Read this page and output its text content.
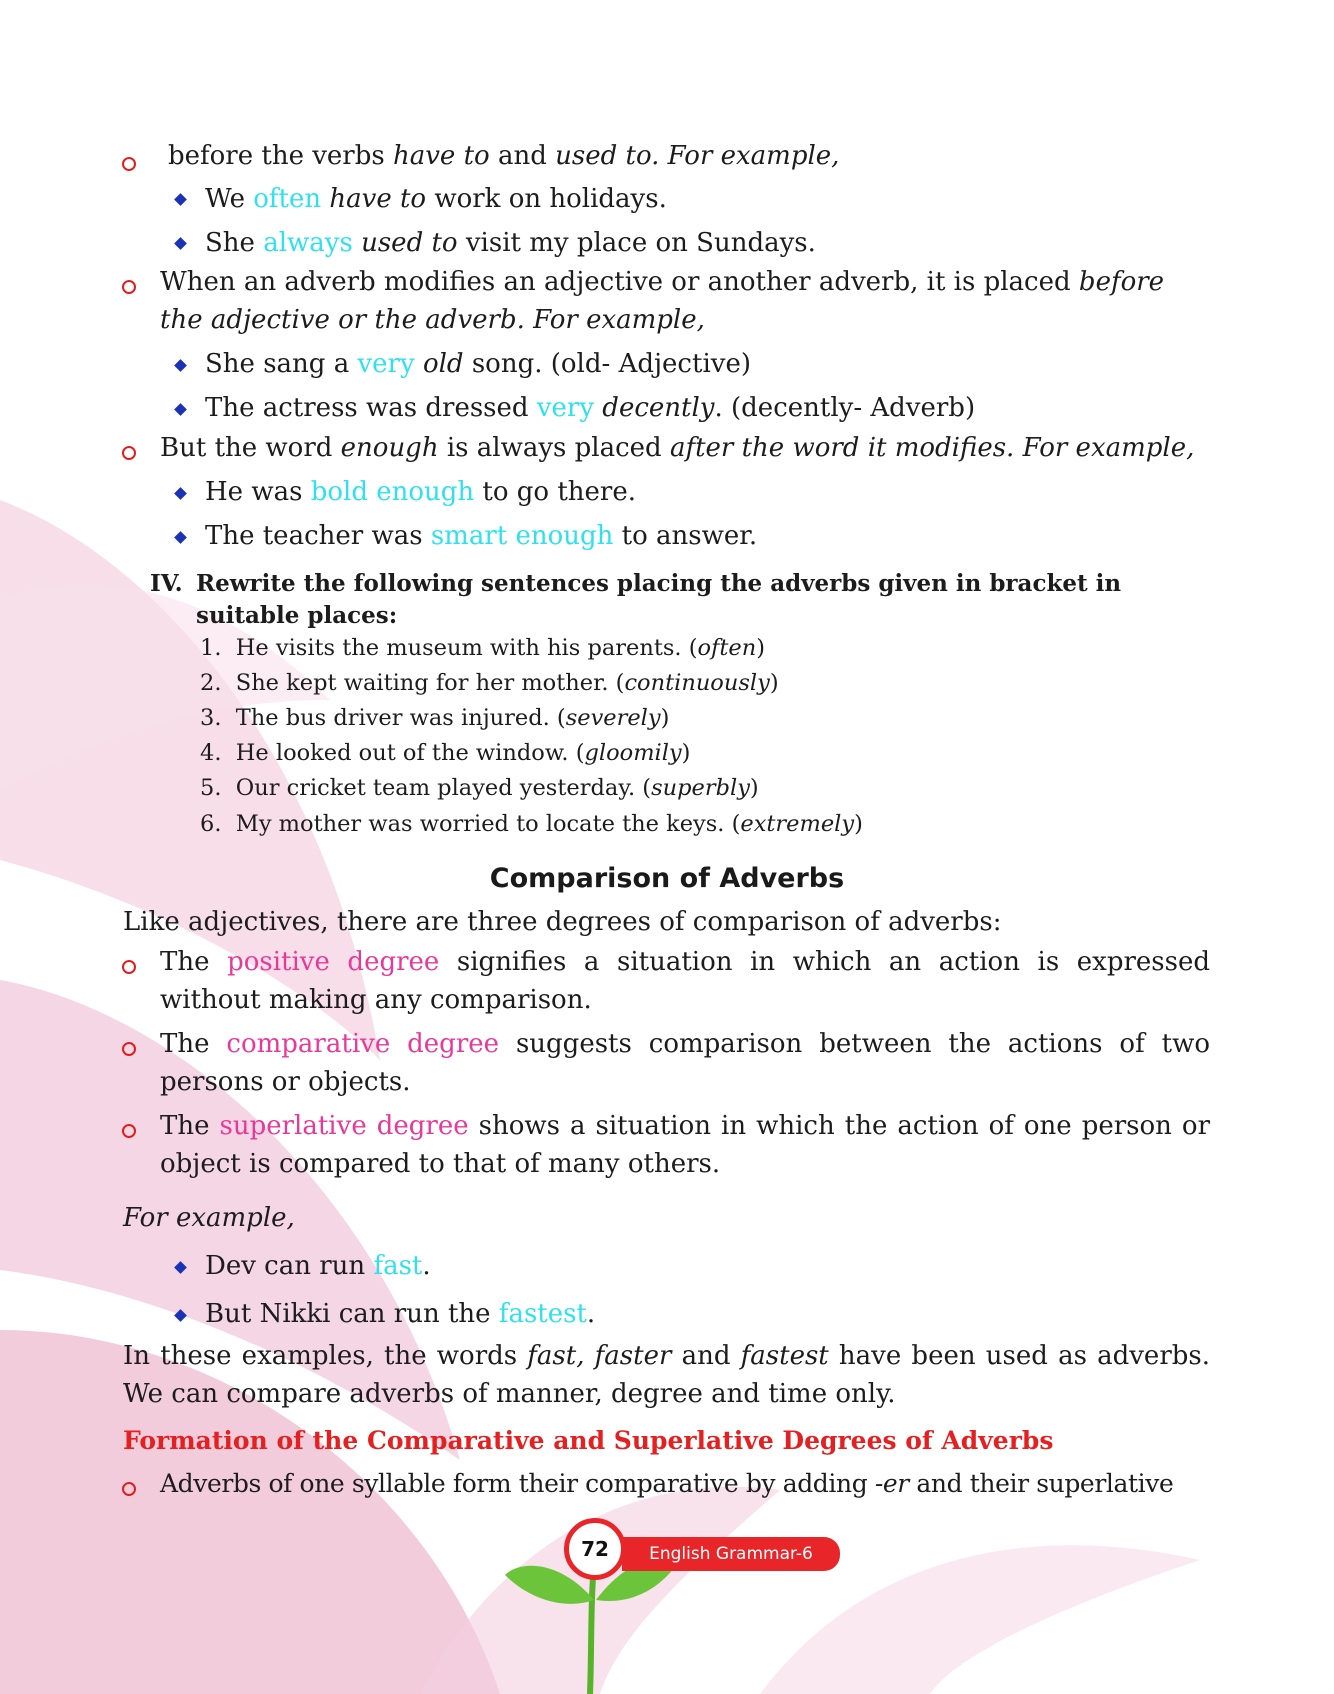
before the verbs have to and used to. For example,
We often have to work on holidays.
She always used to visit my place on Sundays.
When an adverb modifies an adjective or another adverb, it is placed before the adjective or the adverb. For example,
She sang a very old song. (old- Adjective)
The actress was dressed very decently. (decently- Adverb)
But the word enough is always placed after the word it modifies. For example,
He was bold enough to go there.
The teacher was smart enough to answer.
IV. Rewrite the following sentences placing the adverbs given in bracket in suitable places:
1. He visits the museum with his parents. (often)
2. She kept waiting for her mother. (continuously)
3. The bus driver was injured. (severely)
4. He looked out of the window. (gloomily)
5. Our cricket team played yesterday. (superbly)
6. My mother was worried to locate the keys. (extremely)
Comparison of Adverbs
Like adjectives, there are three degrees of comparison of adverbs:
The positive degree signifies a situation in which an action is expressed without making any comparison.
The comparative degree suggests comparison between the actions of two persons or objects.
The superlative degree shows a situation in which the action of one person or object is compared to that of many others.
For example,
Dev can run fast.
But Nikki can run the fastest.
In these examples, the words fast, faster and fastest have been used as adverbs. We can compare adverbs of manner, degree and time only.
Formation of the Comparative and Superlative Degrees of Adverbs
Adverbs of one syllable form their comparative by adding -er and their superlative
English Grammar-6
72
